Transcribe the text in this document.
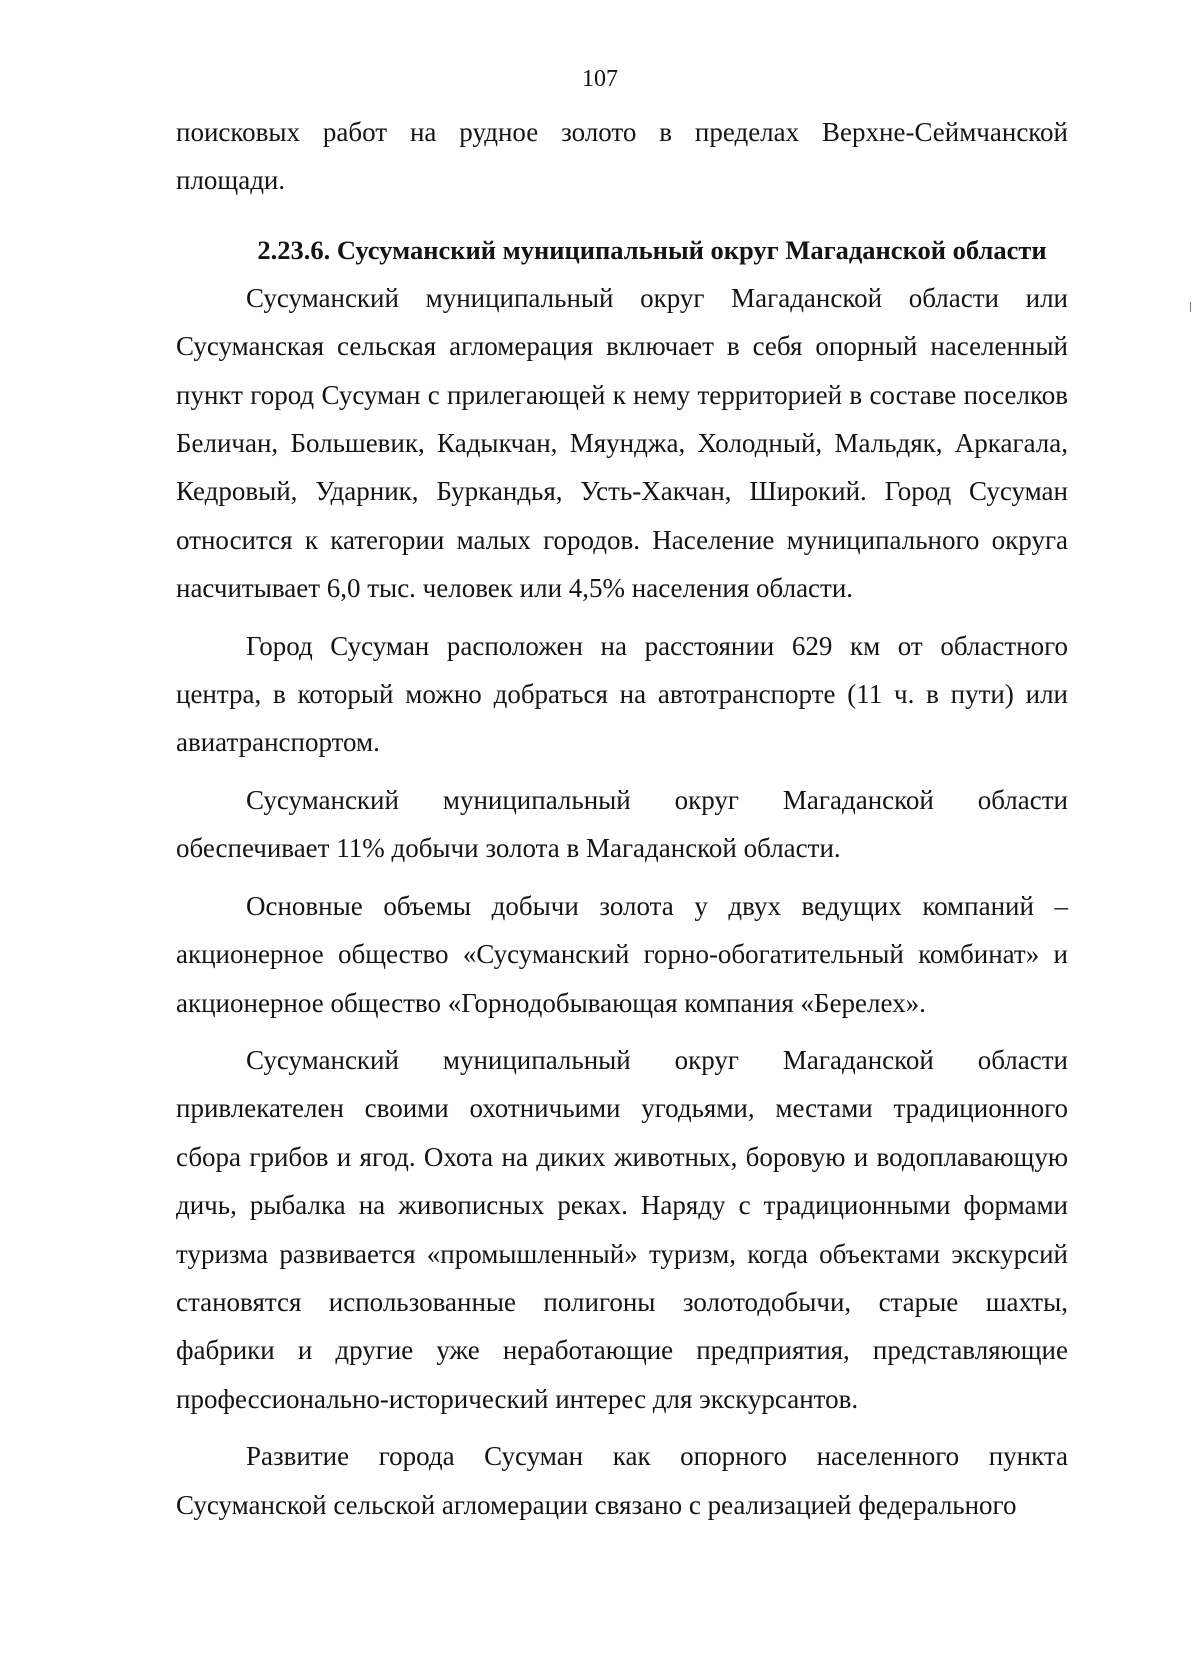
107

поисковых работ на рудное золото в пределах Верхне-Сеймчанской площади.

2.23.6. Сусуманский муниципальный округ Магаданской области

Сусуманский муниципальный округ Магаданской области или Сусуманская сельская агломерация включает в себя опорный населенный пункт город Сусуман с прилегающей к нему территорией в составе поселков Беличан, Большевик, Кадыкчан, Мяунджа, Холодный, Мальдяк, Аркагала, Кедровый, Ударник, Буркандья, Усть-Хакчан, Широкий. Город Сусуман относится к категории малых городов. Население муниципального округа насчитывает 6,0 тыс. человек или 4,5% населения области.

Город Сусуман расположен на расстоянии 629 км от областного центра, в который можно добраться на автотранспорте (11 ч. в пути) или авиатранспортом.

Сусуманский муниципальный округ Магаданской области обеспечивает 11% добычи золота в Магаданской области.

Основные объемы добычи золота у двух ведущих компаний – акционерное общество «Сусуманский горно-обогатительный комбинат» и акционерное общество «Горнодобывающая компания «Берелех».

Сусуманский муниципальный округ Магаданской области привлекателен своими охотничьими угодьями, местами традиционного сбора грибов и ягод. Охота на диких животных, боровую и водоплавающую дичь, рыбалка на живописных реках. Наряду с традиционными формами туризма развивается «промышленный» туризм, когда объектами экскурсий становятся использованные полигоны золотодобычи, старые шахты, фабрики и другие уже неработающие предприятия, представляющие профессионально-исторический интерес для экскурсантов.

Развитие города Сусуман как опорного населенного пункта Сусуманской сельской агломерации связано с реализацией федерального
